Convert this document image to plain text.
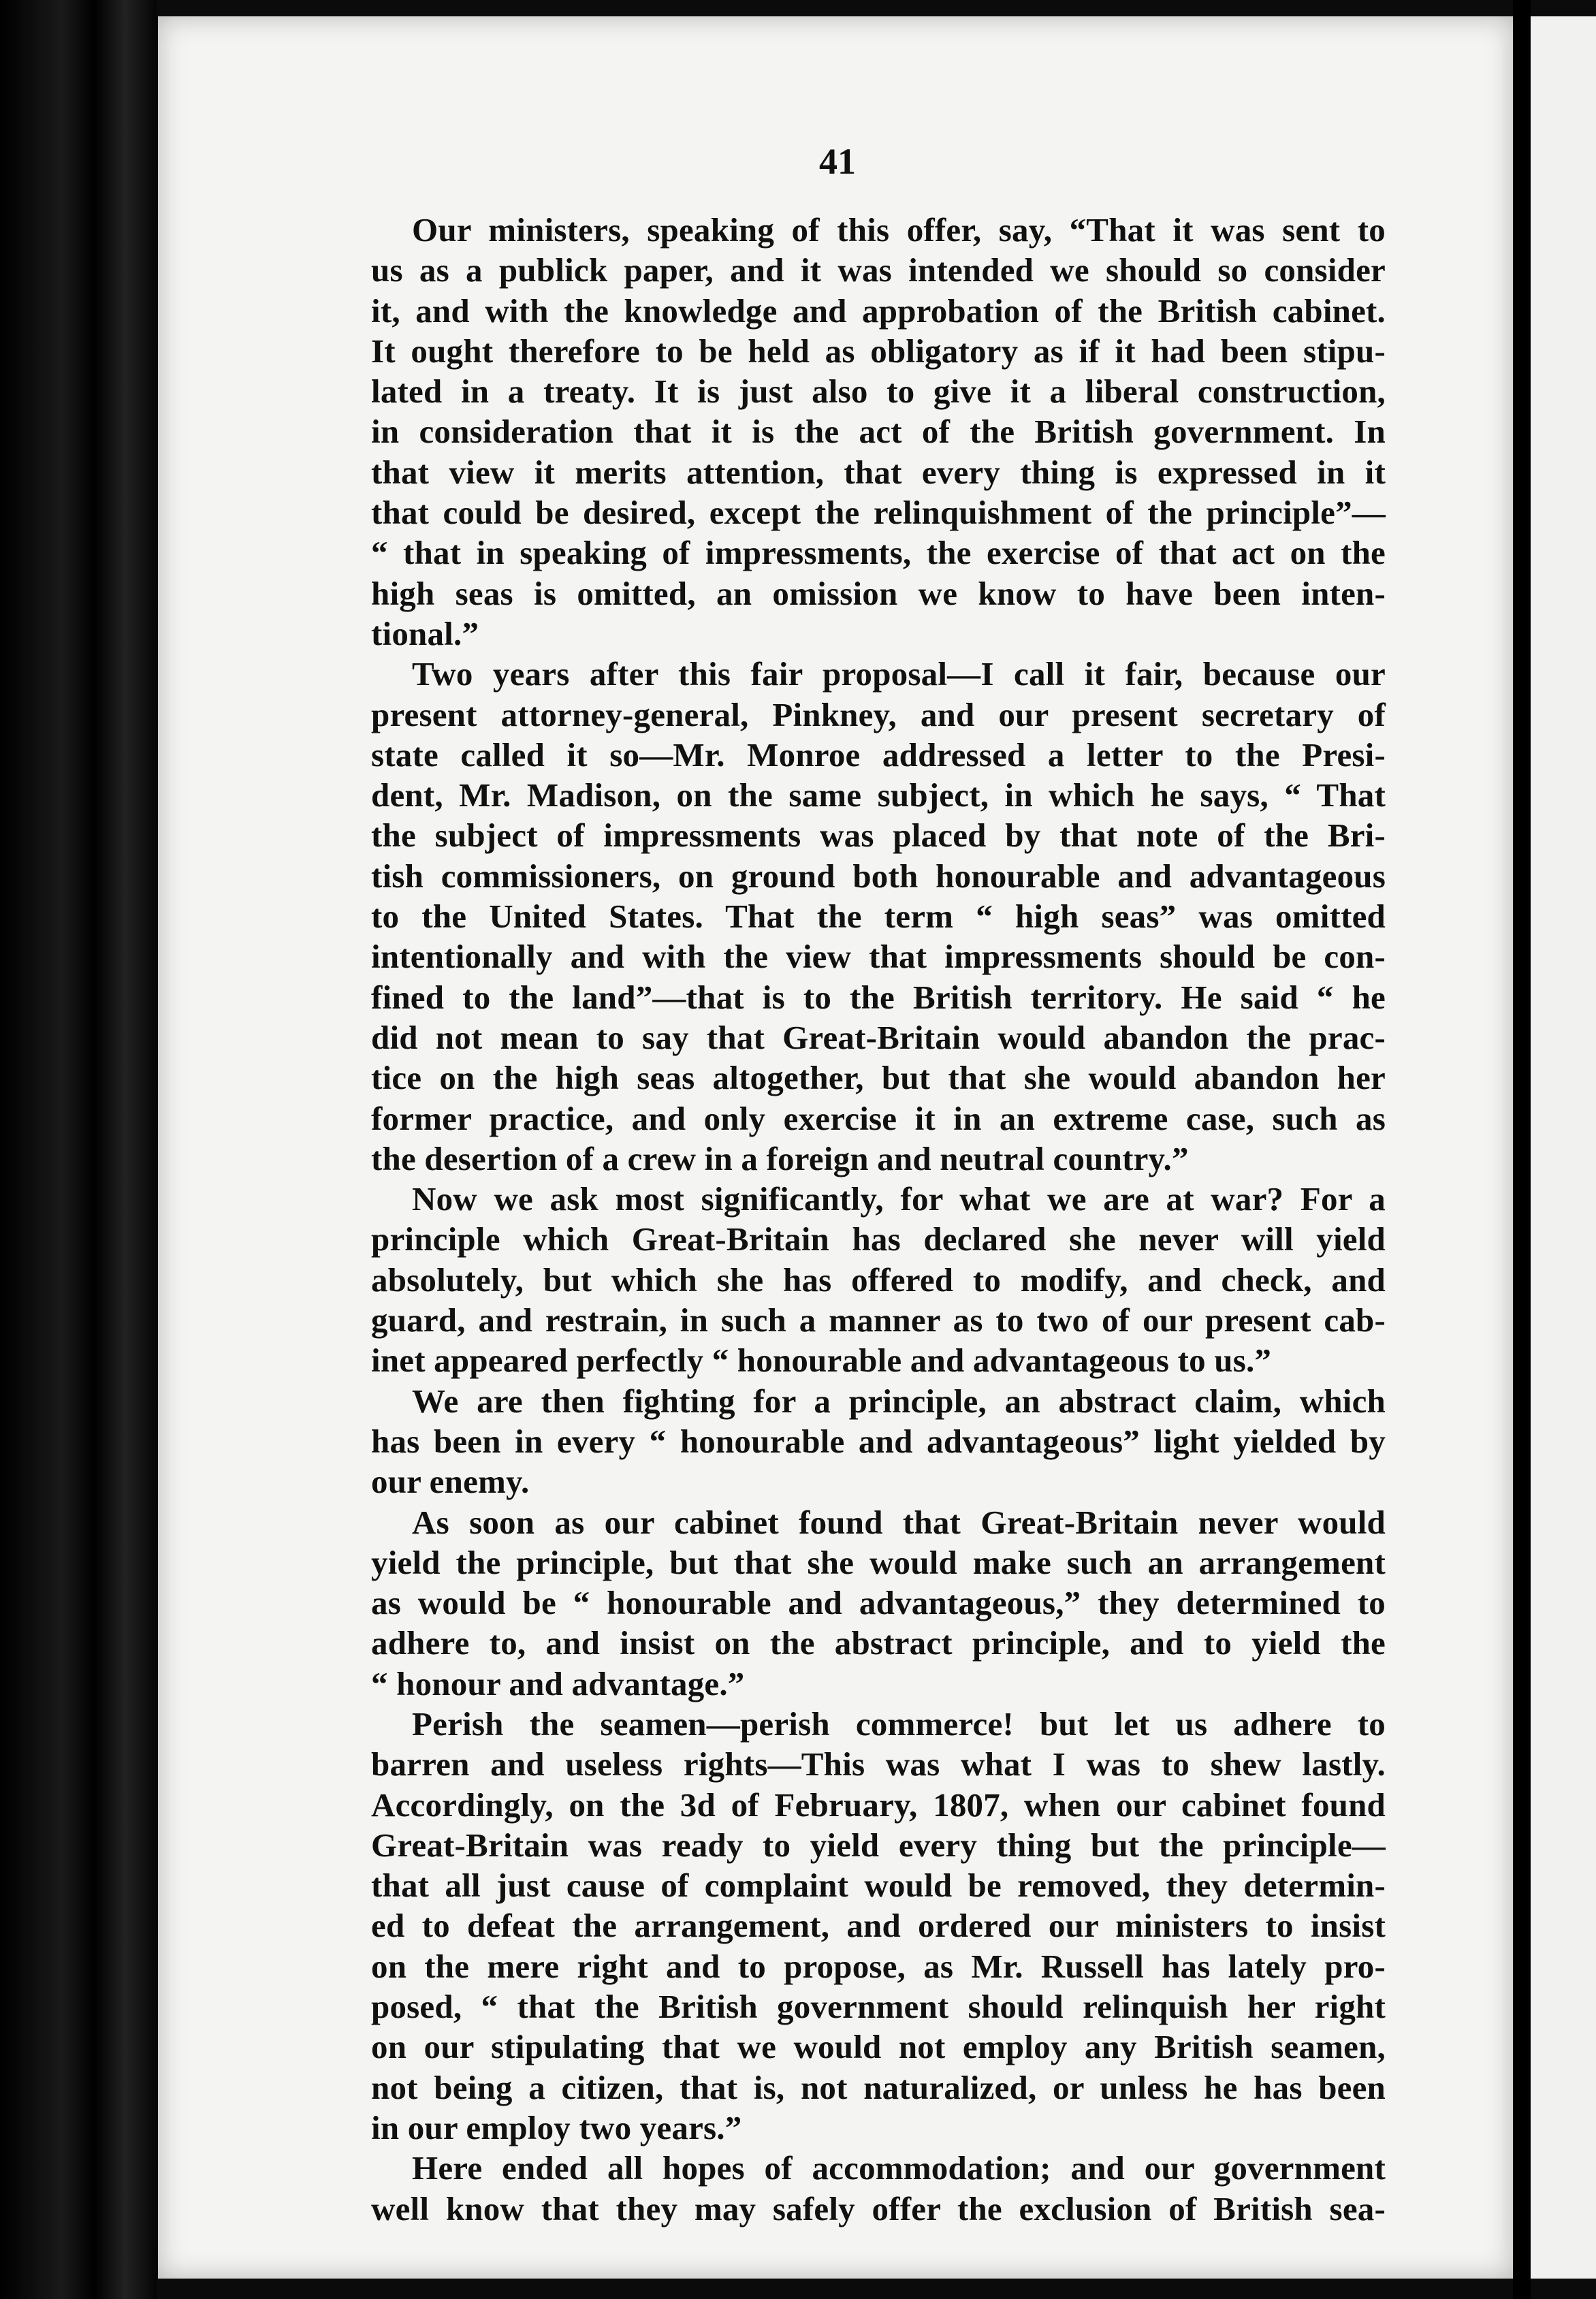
41
Our ministers, speaking of this offer, say, “That it was sent to
us as a publick paper, and it was intended we should so consider
it, and with the knowledge and approbation of the British cabinet.
It ought therefore to be held as obligatory as if it had been stipu-
lated in a treaty. It is just also to give it a liberal construction,
in consideration that it is the act of the British government. In
that view it merits attention, that every thing is expressed in it
that could be desired, except the relinquishment of the principle”—
“ that in speaking of impressments, the exercise of that act on the
high seas is omitted, an omission we know to have been inten-
tional.”
Two years after this fair proposal—I call it fair, because our
present attorney-general, Pinkney, and our present secretary of
state called it so—Mr. Monroe addressed a letter to the Presi-
dent, Mr. Madison, on the same subject, in which he says, “ That
the subject of impressments was placed by that note of the Bri-
tish commissioners, on ground both honourable and advantageous
to the United States. That the term “ high seas” was omitted
intentionally and with the view that impressments should be con-
fined to the land”—that is to the British territory. He said “ he
did not mean to say that Great-Britain would abandon the prac-
tice on the high seas altogether, but that she would abandon her
former practice, and only exercise it in an extreme case, such as
the desertion of a crew in a foreign and neutral country.”
Now we ask most significantly, for what we are at war? For a
principle which Great-Britain has declared she never will yield
absolutely, but which she has offered to modify, and check, and
guard, and restrain, in such a manner as to two of our present cab-
inet appeared perfectly “ honourable and advantageous to us.”
We are then fighting for a principle, an abstract claim, which
has been in every “ honourable and advantageous” light yielded by
our enemy.
As soon as our cabinet found that Great-Britain never would
yield the principle, but that she would make such an arrangement
as would be “ honourable and advantageous,” they determined to
adhere to, and insist on the abstract principle, and to yield the
“ honour and advantage.”
Perish the seamen—perish commerce! but let us adhere to
barren and useless rights—This was what I was to shew lastly.
Accordingly, on the 3d of February, 1807, when our cabinet found
Great-Britain was ready to yield every thing but the principle—
that all just cause of complaint would be removed, they determin-
ed to defeat the arrangement, and ordered our ministers to insist
on the mere right and to propose, as Mr. Russell has lately pro-
posed, “ that the British government should relinquish her right
on our stipulating that we would not employ any British seamen,
not being a citizen, that is, not naturalized, or unless he has been
in our employ two years.”
Here ended all hopes of accommodation; and our government
well know that they may safely offer the exclusion of British sea-
